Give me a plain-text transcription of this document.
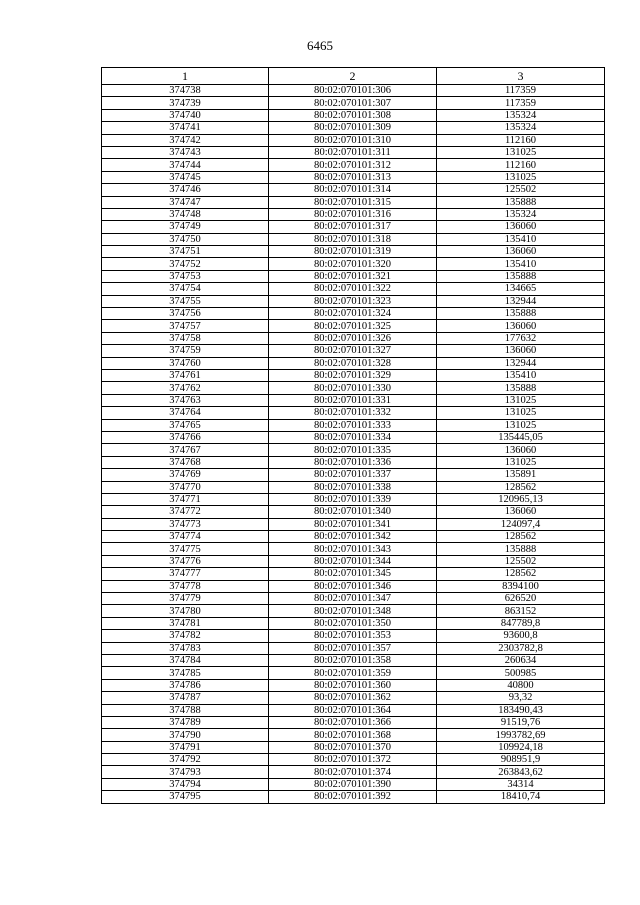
6465
1	2	3
374738	80:02:070101:306	117359
374739	80:02:070101:307	117359
374740	80:02:070101:308	135324
374741	80:02:070101:309	135324
374742	80:02:070101:310	112160
374743	80:02:070101:311	131025
374744	80:02:070101:312	112160
374745	80:02:070101:313	131025
374746	80:02:070101:314	125502
374747	80:02:070101:315	135888
374748	80:02:070101:316	135324
374749	80:02:070101:317	136060
374750	80:02:070101:318	135410
374751	80:02:070101:319	136060
374752	80:02:070101:320	135410
374753	80:02:070101:321	135888
374754	80:02:070101:322	134665
374755	80:02:070101:323	132944
374756	80:02:070101:324	135888
374757	80:02:070101:325	136060
374758	80:02:070101:326	177632
374759	80:02:070101:327	136060
374760	80:02:070101:328	132944
374761	80:02:070101:329	135410
374762	80:02:070101:330	135888
374763	80:02:070101:331	131025
374764	80:02:070101:332	131025
374765	80:02:070101:333	131025
374766	80:02:070101:334	135445,05
374767	80:02:070101:335	136060
374768	80:02:070101:336	131025
374769	80:02:070101:337	135891
374770	80:02:070101:338	128562
374771	80:02:070101:339	120965,13
374772	80:02:070101:340	136060
374773	80:02:070101:341	124097,4
374774	80:02:070101:342	128562
374775	80:02:070101:343	135888
374776	80:02:070101:344	125502
374777	80:02:070101:345	128562
374778	80:02:070101:346	8394100
374779	80:02:070101:347	626520
374780	80:02:070101:348	863152
374781	80:02:070101:350	847789,8
374782	80:02:070101:353	93600,8
374783	80:02:070101:357	2303782,8
374784	80:02:070101:358	260634
374785	80:02:070101:359	500985
374786	80:02:070101:360	40800
374787	80:02:070101:362	93,32
374788	80:02:070101:364	183490,43
374789	80:02:070101:366	91519,76
374790	80:02:070101:368	1993782,69
374791	80:02:070101:370	109924,18
374792	80:02:070101:372	908951,9
374793	80:02:070101:374	263843,62
374794	80:02:070101:390	34314
374795	80:02:070101:392	18410,74
